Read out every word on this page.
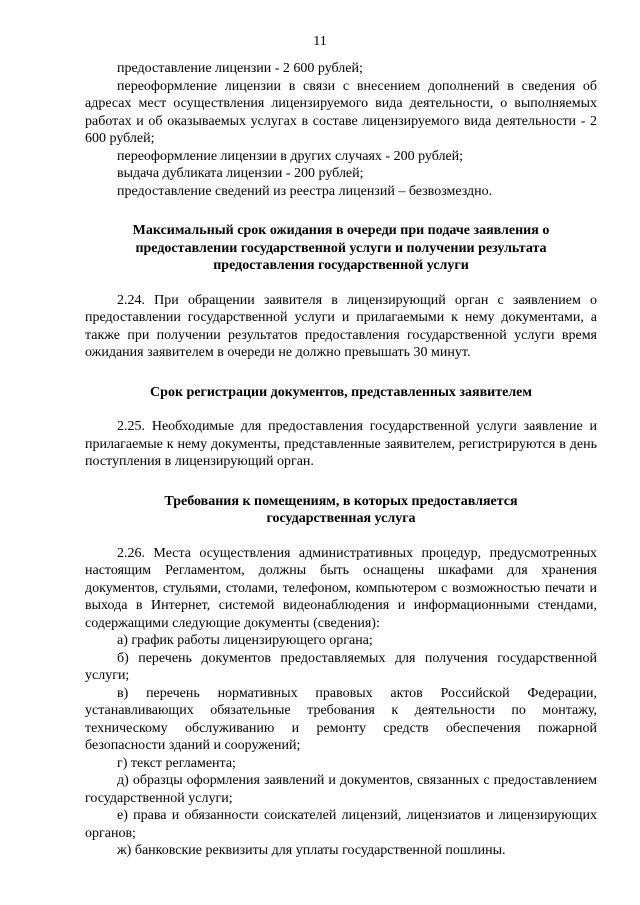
11

предоставление лицензии - 2 600 рублей;

переоформление лицензии в связи с внесением дополнений в сведения об адресах мест осуществления лицензируемого вида деятельности, о выполняемых работах и об оказываемых услугах в составе лицензируемого вида деятельности - 2 600 рублей;

переоформление лицензии в других случаях - 200 рублей;

выдача дубликата лицензии - 200 рублей;

предоставление сведений из реестра лицензий – безвозмездно.

Максимальный срок ожидания в очереди при подаче заявления о
предоставлении государственной услуги и получении результата
предоставления государственной услуги

2.24. При обращении заявителя в лицензирующий орган с заявлением о предоставлении государственной услуги и прилагаемыми к нему документами, а также при получении результатов предоставления государственной услуги время ожидания заявителем в очереди не должно превышать 30 минут.

Срок регистрации документов, представленных заявителем

2.25. Необходимые для предоставления государственной услуги заявление и прилагаемые к нему документы, представленные заявителем, регистрируются в день поступления в лицензирующий орган.

Требования к помещениям, в которых предоставляется
государственная услуга

2.26. Места осуществления административных процедур, предусмотренных настоящим Регламентом, должны быть оснащены шкафами для хранения документов, стульями, столами, телефоном, компьютером с возможностью печати и выхода в Интернет, системой видеонаблюдения и информационными стендами, содержащими следующие документы (сведения):

а) график работы лицензирующего органа;

б) перечень документов предоставляемых для получения государственной услуги;

в) перечень нормативных правовых актов Российской Федерации, устанавливающих обязательные требования к деятельности по монтажу, техническому обслуживанию и ремонту средств обеспечения пожарной безопасности зданий и сооружений;

г) текст регламента;

д) образцы оформления заявлений и документов, связанных с предоставлением государственной услуги;

е) права и обязанности соискателей лицензий, лицензиатов и лицензирующих органов;

ж) банковские реквизиты для уплаты государственной пошлины.
